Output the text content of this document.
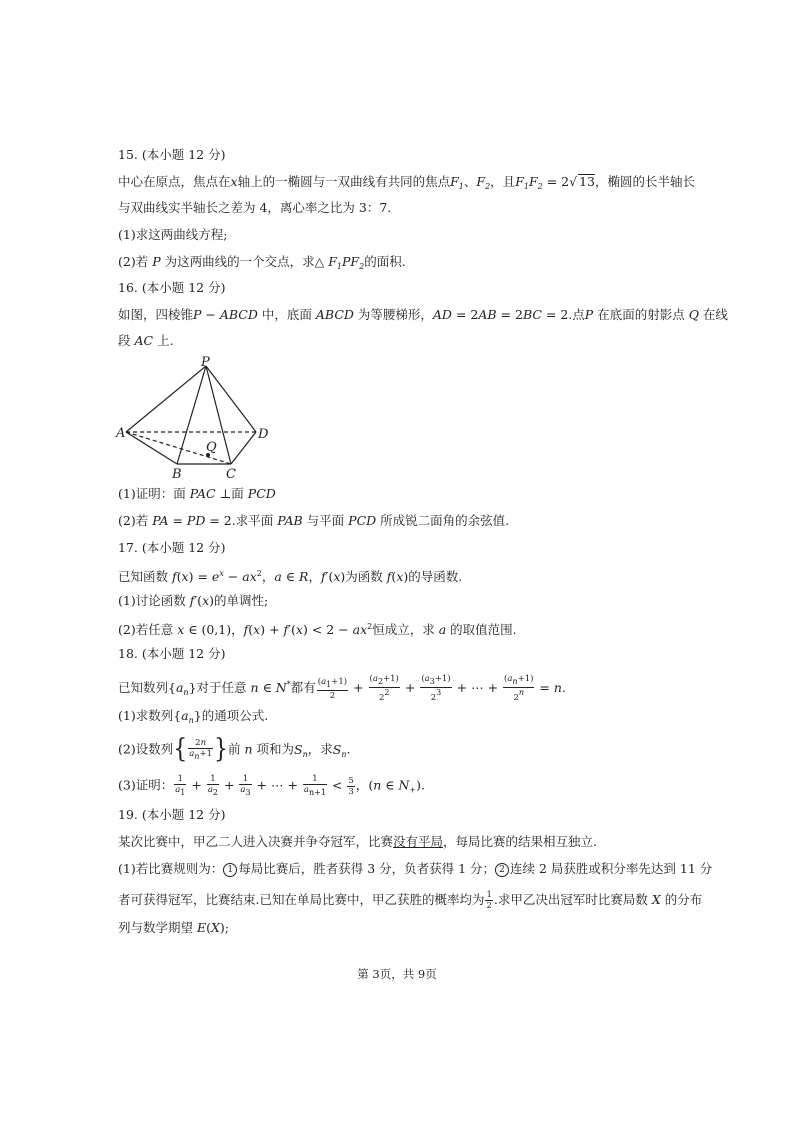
15. (本小题 12 分)
中心在原点，焦点在x轴上的一椭圆与一双曲线有共同的焦点$F_1$、$F_2$，且$F_1F_2 = 2√$ 13，椭圆的长半轴长
与双曲线实半轴长之差为 4，离心率之比为 3：7.
(1)求这两曲线方程;
(2)若 P 为这两曲线的一个交点，求△ $F_1PF_2$的面积.
16. (本小题 12 分)
如图，四棱锥P − ABCD 中，底面 ABCD 为等腰梯形，AD = 2AB = 2BC = 2.点P 在底面的射影点 Q 在线
段 AC 上.
P
A	D
Q
B	C
(1)证明：面 PAC ⊥面 PCD
(2)若 PA = PD = 2.求平面 PAB 与平面 PCD 所成锐二面角的余弦值.
17. (本小题 12 分)
已知函数 $f(x) = e^x - ax^2$，a ∈ R，f′(x)为函数 f(x)的导函数.
(1)讨论函数 f′(x)的单调性;
(2)若任意 x ∈ (0,1)，$f(x) + f'(x) < 2 - ax^2$恒成立，求 a 的取值范围.
18. (本小题 12 分)
已知数列$\{a_n\}$对于任意 n ∈ N*都有 $\frac{(a1+1)}{2} + \frac{(a2+1)}{22} + \frac{(a3+1)}{23}$ + ⋯ + $\frac{(an+1)}{2n} = n$.
(1)求数列$\{a_n\}$的通项公式.
(2)设数列{ $\frac{2n}{an+1}$ }前 n 项和为$S_n$，求$S_n$.
(3)证明： $\frac{1}{a1} + \frac{1}{a2} + \frac{1}{a3}$ + ⋯ + $\frac{1}{an+1} < \frac{5}{3}$ ，(n ∈ $N_+$).
19. (本小题 12 分)
某次比赛中，甲乙二人进入决赛并争夺冠军，比赛没有平局，每局比赛的结果相互独立.
(1)若比赛规则为： 1 每局比赛后，胜者获得 3 分，负者获得 1 分； 2 连续 2 局获胜或积分率先达到 11 分
者可获得冠军，比赛结束.已知在单局比赛中，甲乙获胜的概率均为 $\frac{1}{2}$ .求甲乙决出冠军时比赛局数 X 的分布
列与数学期望 E(X);
第 3页，共 9页
